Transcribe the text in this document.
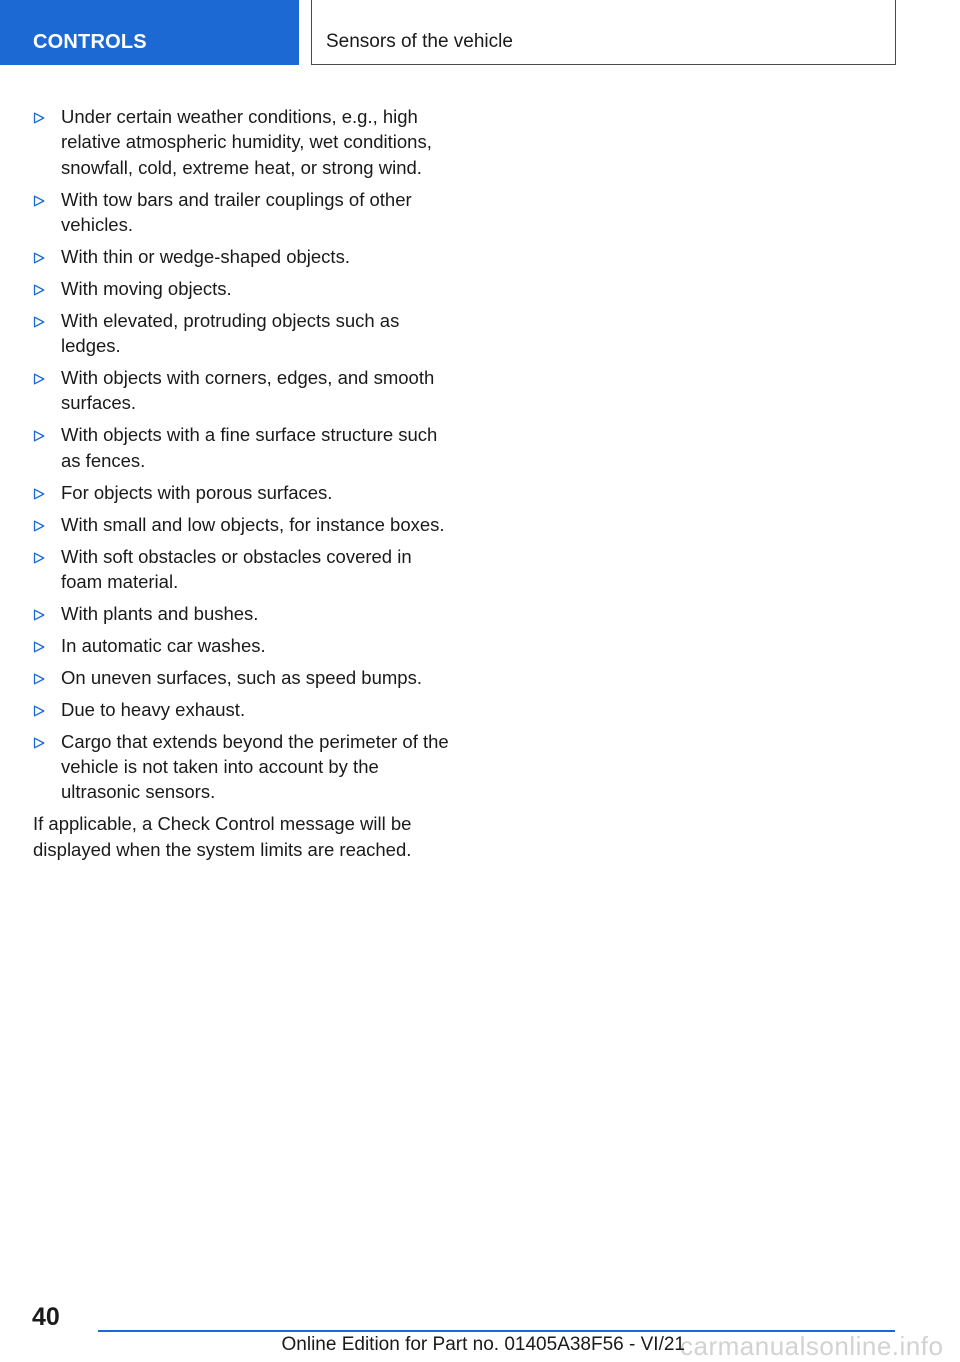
CONTROLS	Sensors of the vehicle
Under certain weather conditions, e.g., high relative atmospheric humidity, wet conditions, snowfall, cold, extreme heat, or strong wind.
With tow bars and trailer couplings of other vehicles.
With thin or wedge-shaped objects.
With moving objects.
With elevated, protruding objects such as ledges.
With objects with corners, edges, and smooth surfaces.
With objects with a fine surface structure such as fences.
For objects with porous surfaces.
With small and low objects, for instance boxes.
With soft obstacles or obstacles covered in foam material.
With plants and bushes.
In automatic car washes.
On uneven surfaces, such as speed bumps.
Due to heavy exhaust.
Cargo that extends beyond the perimeter of the vehicle is not taken into account by the ultrasonic sensors.

If applicable, a Check Control message will be displayed when the system limits are reached.

40
carmanualsonline.info
Online Edition for Part no. 01405A38F56 - VI/21
